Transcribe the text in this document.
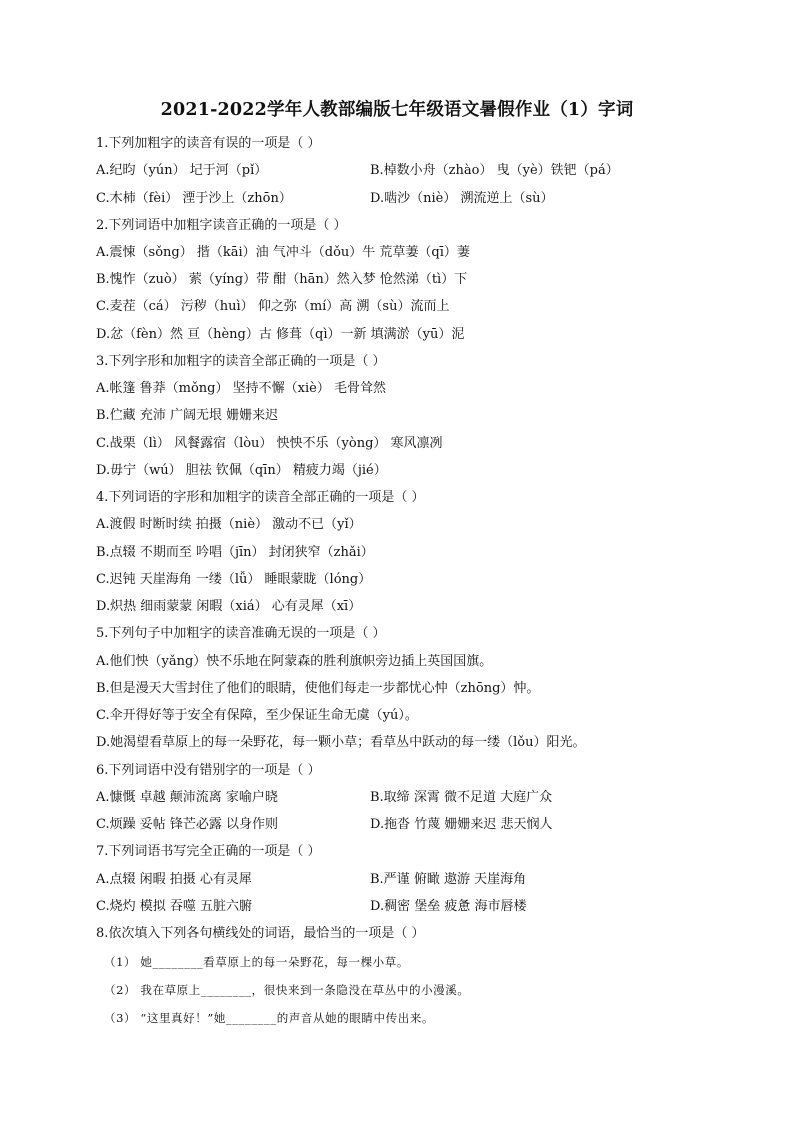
2021-2022学年人教部编版七年级语文暑假作业（1）字词
1.下列加粗字的读音有误的一项是（ ）
A.纪昀（yún） 圮于河（pǐ）	B.棹数小舟（zhào） 曳（yè）铁钯（pá）
C.木杮（fèi） 湮于沙上（zhōn）	D.啮沙（niè） 溯流逆上（sù）
2.下列词语中加粗字读音正确的一项是（ ）
A.震悚（sǒng） 揩（kāi）油 气冲斗（dǒu）牛 荒草萋（qī）萋
B.愧怍（zuò） 萦（yíng）带 酣（hān）然入梦 怆然涕（tì）下
C.麦茬（cá） 污秽（huì） 仰之弥（mí）高 溯（sù）流而上
D.忿（fèn）然 亘（hèng）古 修葺（qì）一新 填满淤（yū）泥
3.下列字形和加粗字的读音全部正确的一项是（ ）
A.帐篷 鲁莽（mǒng） 坚持不懈（xiè） 毛骨耸然
B.伫藏 充沛 广阔无垠 姗姗来迟
C.战栗（lì） 风餐露宿（lòu） 怏怏不乐（yòng） 寒风凛冽
D.毋宁（wú） 胆祛 钦佩（qīn） 精疲力竭（jié）
4.下列词语的字形和加粗字的读音全部正确的一项是（ ）
A.渡假 时断时续 拍摄（niè） 激动不已（yǐ）
B.点辍 不期而至 吟唱（jīn） 封闭狭窄（zhǎi）
C.迟钝 天崖海角 一缕（lǚ） 睡眼蒙眬（lóng）
D.炽热 细雨蒙蒙 闲暇（xiá） 心有灵犀（xī）
5.下列句子中加粗字的读音准确无误的一项是（ ）
A.他们怏（yǎng）怏不乐地在阿蒙森的胜利旗帜旁边插上英国国旗。
B.但是漫天大雪封住了他们的眼睛，使他们每走一步都忧心忡（zhōng）忡。
C.伞开得好等于安全有保障，至少保证生命无虞（yú）。
D.她渴望看草原上的每一朵野花，每一颗小草；看草丛中跃动的每一缕（lǒu）阳光。
6.下列词语中没有错别字的一项是（ ）
A.慷慨 卓越 颠沛流离 家喻户晓	B.取缔 深霄 微不足道 大庭广众
C.烦躁 妥帖 锋芒必露 以身作则	D.拖沓 竹蔑 姗姗来迟 悲天悯人
7.下列词语书写完全正确的一项是（ ）
A.点辍 闲暇 拍摄 心有灵犀	B.严谨 俯瞰 遨游 天崖海角
C.烧灼 模拟 吞噬 五脏六腑	D.稠密 堡垒 疲惫 海市唇楼
8.依次填入下列各句横线处的词语，最恰当的一项是（ ）
（1） 她________看草原上的每一朵野花，每一棵小草。
（2） 我在草原上________，很快来到一条隐没在草丛中的小漫溪。
（3） “这里真好！”她________的声音从她的眼睛中传出来。
